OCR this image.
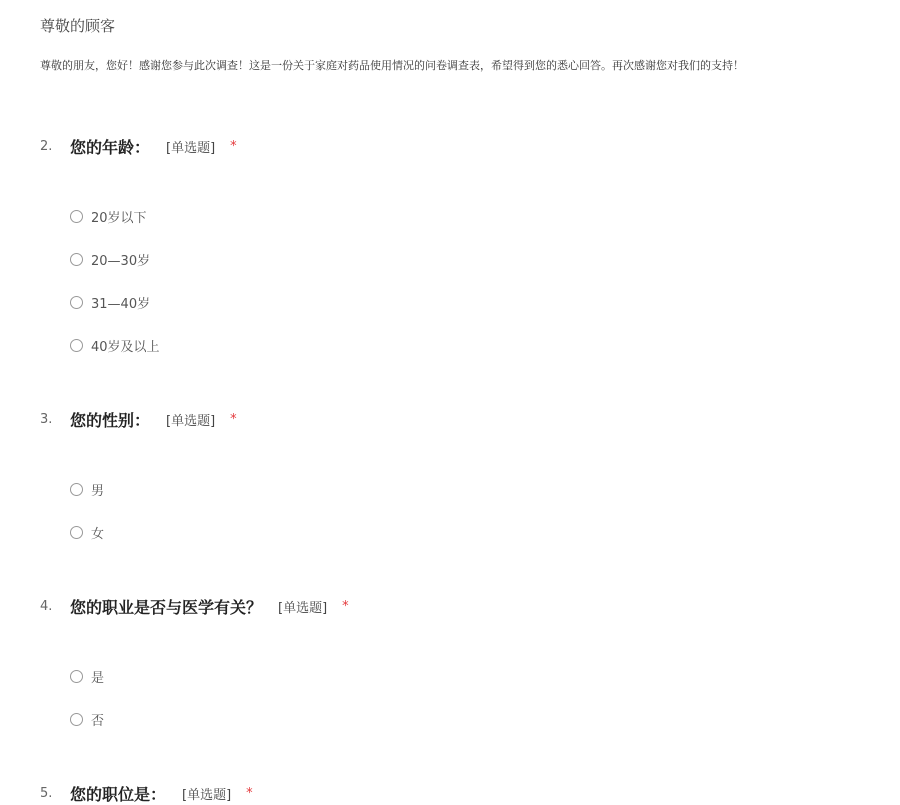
尊敬的顾客
尊敬的朋友，您好！感谢您参与此次调查！这是一份关于家庭对药品使用情况的问卷调查表，希望得到您的悉心回答。再次感谢您对我们的支持！
2.	您的年龄： [单选题] *
20岁以下
20—30岁
31—40岁
40岁及以上
3.	您的性别： [单选题] *
男
女
4.	您的职业是否与医学有关？ [单选题] *
是
否
5.	您的职位是： [单选题] *
